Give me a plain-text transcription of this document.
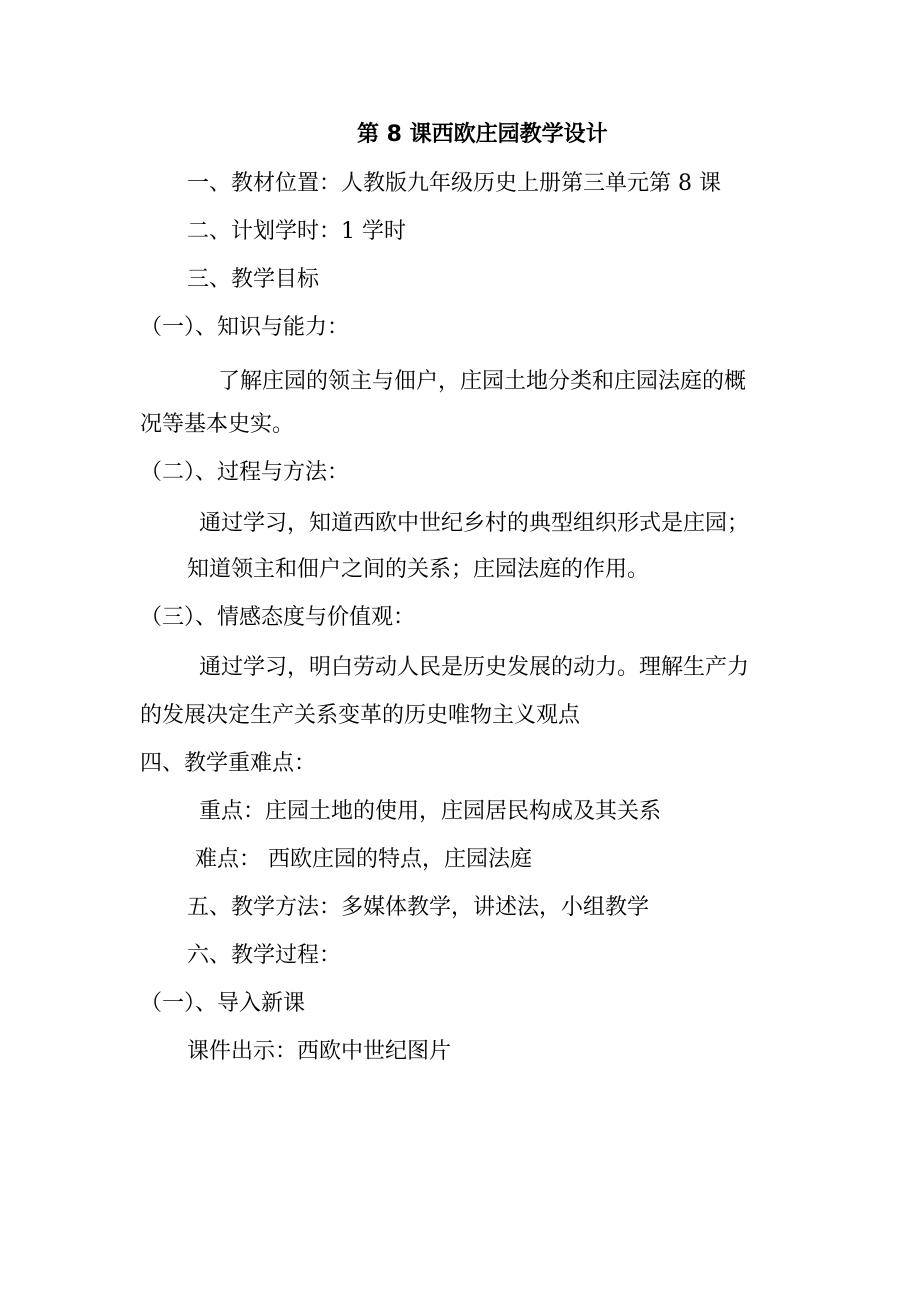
第 8 课西欧庄园教学设计
一、教材位置：人教版九年级历史上册第三单元第 8 课
二、计划学时：1 学时
三、教学目标
（一）、知识与能力：
了解庄园的领主与佃户，庄园土地分类和庄园法庭的概
况等基本史实。
（二）、过程与方法：
通过学习，知道西欧中世纪乡村的典型组织形式是庄园；
知道领主和佃户之间的关系；庄园法庭的作用。
（三）、情感态度与价值观：
通过学习，明白劳动人民是历史发展的动力。理解生产力
的发展决定生产关系变革的历史唯物主义观点
四、教学重难点：
重点：庄园土地的使用，庄园居民构成及其关系
难点： 西欧庄园的特点，庄园法庭
五、教学方法：多媒体教学，讲述法，小组教学
六、教学过程：
（一）、导入新课
课件出示：西欧中世纪图片
